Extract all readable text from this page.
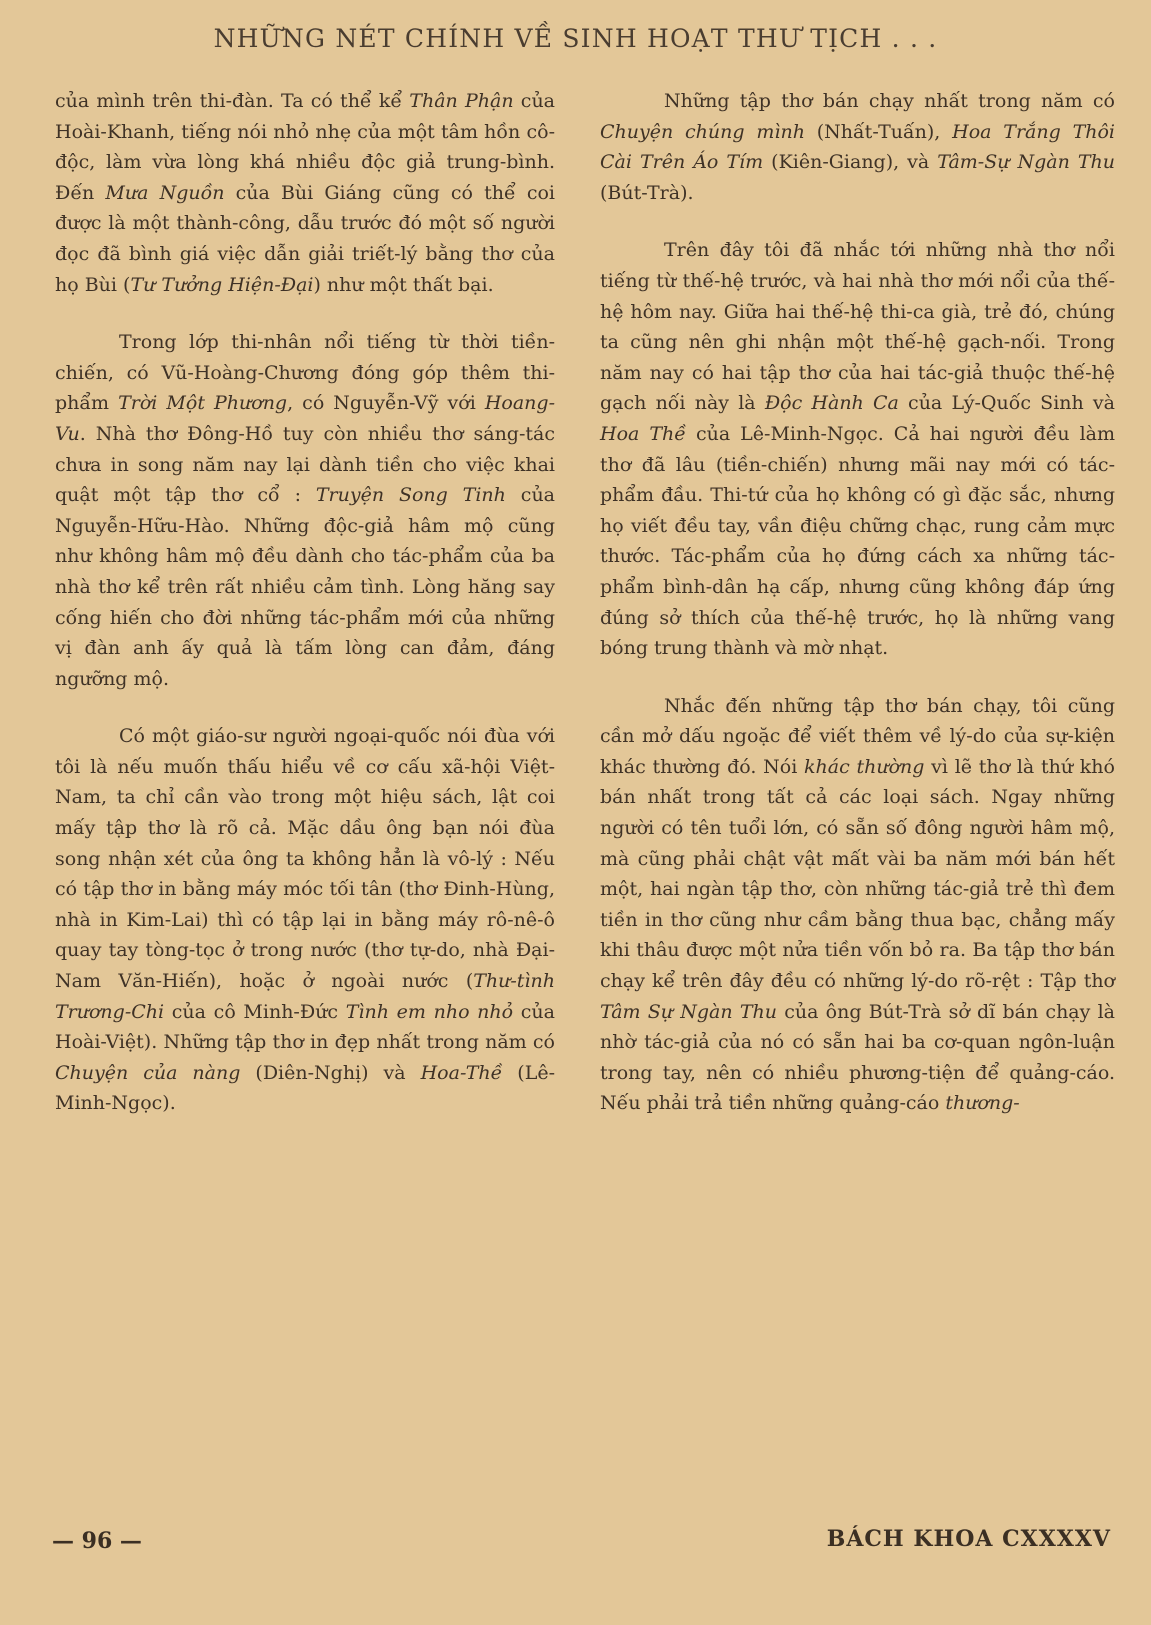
NHỮNG NÉT CHÍNH VỀ SINH HOẠT THƯ TỊCH . . .

của mình trên thi-đàn. Ta có thể kể Thân Phận của Hoài-Khanh, tiếng nói nhỏ nhẹ của một tâm hồn cô-độc, làm vừa lòng khá nhiều độc giả trung-bình. Đến Mưa Nguồn của Bùi Giáng cũng có thể coi được là một thành-công, dẫu trước đó một số người đọc đã bình giá việc dẫn giải triết-lý bằng thơ của họ Bùi (Tư Tưởng Hiện-Đại) như một thất bại.

Trong lớp thi-nhân nổi tiếng từ thời tiền-chiến, có Vũ-Hoàng-Chương đóng góp thêm thi-phẩm Trời Một Phương, có Nguyễn-Vỹ với Hoang-Vu. Nhà thơ Đông-Hồ tuy còn nhiều thơ sáng-tác chưa in song năm nay lại dành tiền cho việc khai quật một tập thơ cổ : Truyện Song Tinh của Nguyễn-Hữu-Hào. Những độc-giả hâm mộ cũng như không hâm mộ đều dành cho tác-phẩm của ba nhà thơ kể trên rất nhiều cảm tình. Lòng hăng say cống hiến cho đời những tác-phẩm mới của những vị đàn anh ấy quả là tấm lòng can đảm, đáng ngưỡng mộ.

Có một giáo-sư người ngoại-quốc nói đùa với tôi là nếu muốn thấu hiểu về cơ cấu xã-hội Việt-Nam, ta chỉ cần vào trong một hiệu sách, lật coi mấy tập thơ là rõ cả. Mặc dầu ông bạn nói đùa song nhận xét của ông ta không hẳn là vô-lý : Nếu có tập thơ in bằng máy móc tối tân (thơ Đinh-Hùng, nhà in Kim-Lai) thì có tập lại in bằng máy rô-nê-ô quay tay tòng-tọc ở trong nước (thơ tự-do, nhà Đại-Nam Văn-Hiến), hoặc ở ngoài nước (Thư-tình Trương-Chi của cô Minh-Đức Tình em nho nhỏ của Hoài-Việt). Những tập thơ in đẹp nhất trong năm có Chuyện của nàng (Diên-Nghị) và Hoa-Thề (Lê-Minh-Ngọc).

Những tập thơ bán chạy nhất trong năm có Chuyện chúng mình (Nhất-Tuấn), Hoa Trắng Thôi Cài Trên Áo Tím (Kiên-Giang), và Tâm-Sự Ngàn Thu (Bút-Trà).

Trên đây tôi đã nhắc tới những nhà thơ nổi tiếng từ thế-hệ trước, và hai nhà thơ mới nổi của thế-hệ hôm nay. Giữa hai thế-hệ thi-ca già, trẻ đó, chúng ta cũng nên ghi nhận một thế-hệ gạch-nối. Trong năm nay có hai tập thơ của hai tác-giả thuộc thế-hệ gạch nối này là Độc Hành Ca của Lý-Quốc Sinh và Hoa Thề của Lê-Minh-Ngọc. Cả hai người đều làm thơ đã lâu (tiền-chiến) nhưng mãi nay mới có tác-phẩm đầu. Thi-tứ của họ không có gì đặc sắc, nhưng họ viết đều tay, vần điệu chững chạc, rung cảm mực thước. Tác-phẩm của họ đứng cách xa những tác-phẩm bình-dân hạ cấp, nhưng cũng không đáp ứng đúng sở thích của thế-hệ trước, họ là những vang bóng trung thành và mờ nhạt.

Nhắc đến những tập thơ bán chạy, tôi cũng cần mở dấu ngoặc để viết thêm về lý-do của sự-kiện khác thường đó. Nói khác thường vì lẽ thơ là thứ khó bán nhất trong tất cả các loại sách. Ngay những người có tên tuổi lớn, có sẵn số đông người hâm mộ, mà cũng phải chật vật mất vài ba năm mới bán hết một, hai ngàn tập thơ, còn những tác-giả trẻ thì đem tiền in thơ cũng như cầm bằng thua bạc, chẳng mấy khi thâu được một nửa tiền vốn bỏ ra. Ba tập thơ bán chạy kể trên đây đều có những lý-do rõ-rệt : Tập thơ Tâm Sự Ngàn Thu của ông Bút-Trà sở dĩ bán chạy là nhờ tác-giả của nó có sẵn hai ba cơ-quan ngôn-luận trong tay, nên có nhiều phương-tiện để quảng-cáo. Nếu phải trả tiền những quảng-cáo thương-

— 96 —	BÁCH KHOA CXXXXV
